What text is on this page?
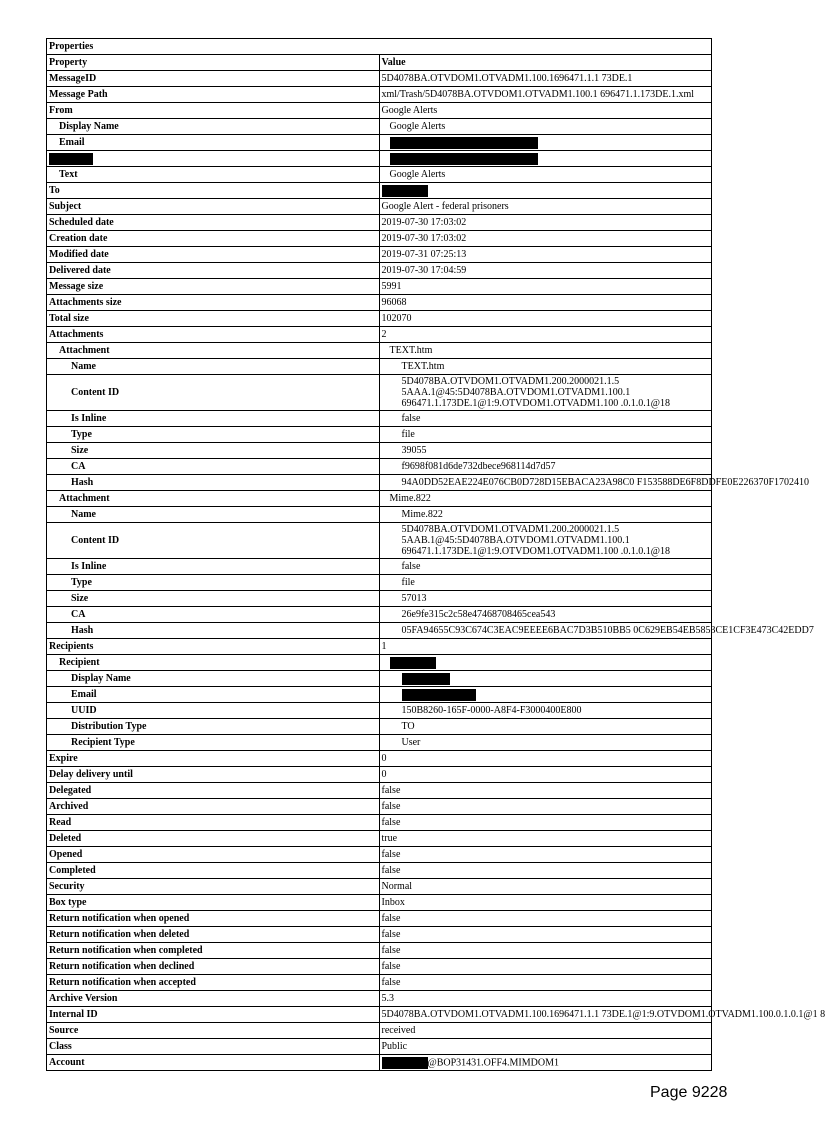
Properties	
Property	Value
MessageID	5D4078BA.OTVDOM1.OTVADM1.100.1696471.1.1 73DE.1
Message Path	xml/Trash/5D4078BA.OTVDOM1.OTVADM1.100.1 696471.1.173DE.1.xml
From	Google Alerts
Display Name	Google Alerts
Email	

Text	Google Alerts
To	
Subject	Google Alert - federal prisoners
Scheduled date	2019-07-30 17:03:02
Creation date	2019-07-30 17:03:02
Modified date	2019-07-31 07:25:13
Delivered date	2019-07-30 17:04:59
Message size	5991
Attachments size	96068
Total size	102070
Attachments	2
Attachment	TEXT.htm
Name	TEXT.htm
Content ID	5D4078BA.OTVDOM1.OTVADM1.200.2000021.1.5
5AAA.1@45:5D4078BA.OTVDOM1.OTVADM1.100.1
696471.1.173DE.1@1:9.OTVDOM1.OTVADM1.100 .0.1.0.1@18

Is Inline	false
Type	file
Size	39055
CA	f9698f081d6de732dbece968114d7d57
Hash	94A0DD52EAE224E076CB0D728D15EBACA23A98C0 F153588DE6F8DDFE0E226370F1702410
Attachment	Mime.822
Name	Mime.822
Content ID	5D4078BA.OTVDOM1.OTVADM1.200.2000021.1.5
5AAB.1@45:5D4078BA.OTVDOM1.OTVADM1.100.1
696471.1.173DE.1@1:9.OTVDOM1.OTVADM1.100 .0.1.0.1@18

Is Inline	false
Type	file
Size	57013
CA	26e9fe315c2c58e47468708465cea543
Hash	05FA94655C93C674C3EAC9EEEE6BAC7D3B510BB5 0C629EB54EB5853CE1CF3E473C42EDD7
Recipients	1
Recipient	
Display Name	
Email	
UUID	150B8260-165F-0000-A8F4-F3000400E800
Distribution Type	TO
Recipient Type	User
Expire	0
Delay delivery until	0
Delegated	false
Archived	false
Read	false
Deleted	true
Opened	false
Completed	false
Security	Normal
Box type	Inbox
Return notification when opened	false
Return notification when deleted	false
Return notification when completed	false
Return notification when declined	false
Return notification when accepted	false
Archive Version	5.3
Internal ID	5D4078BA.OTVDOM1.OTVADM1.100.1696471.1.1 73DE.1@1:9.OTVDOM1.OTVADM1.100.0.1.0.1@1 8
Source	received
Class	Public
Account	@BOP31431.OFF4.MIMDOM1
Page 9228
